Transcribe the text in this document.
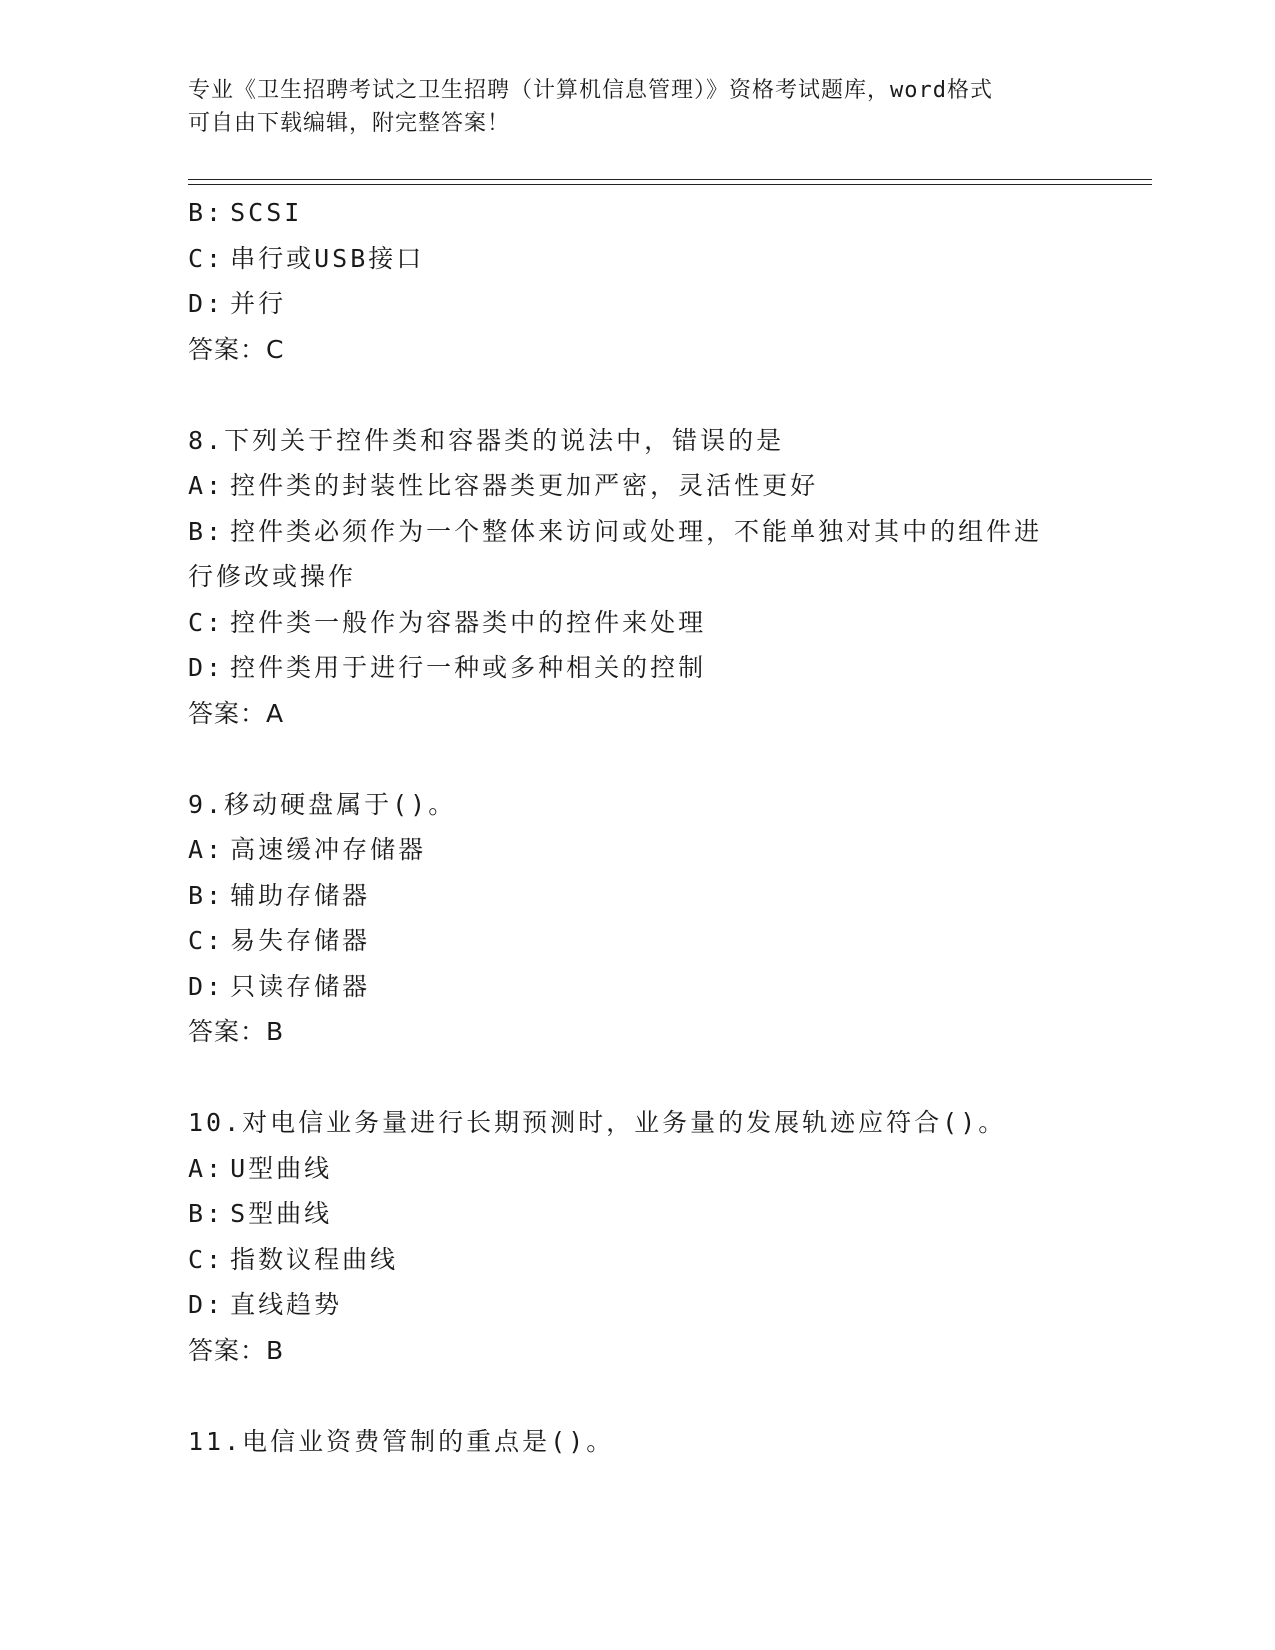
专业《卫生招聘考试之卫生招聘（计算机信息管理）》资格考试题库，word格式
可自由下载编辑，附完整答案！
B: SCSI
C: 串行或USB接口
D: 并行
答案：C
8.下列关于控件类和容器类的说法中，错误的是
A: 控件类的封装性比容器类更加严密，灵活性更好
B: 控件类必须作为一个整体来访问或处理，不能单独对其中的组件进
行修改或操作
C: 控件类一般作为容器类中的控件来处理
D: 控件类用于进行一种或多种相关的控制
答案：A
9.移动硬盘属于()。
A: 高速缓冲存储器
B: 辅助存储器
C: 易失存储器
D: 只读存储器
答案：B
10.对电信业务量进行长期预测时，业务量的发展轨迹应符合()。
A: U型曲线
B: S型曲线
C: 指数议程曲线
D: 直线趋势
答案：B
11.电信业资费管制的重点是()。
